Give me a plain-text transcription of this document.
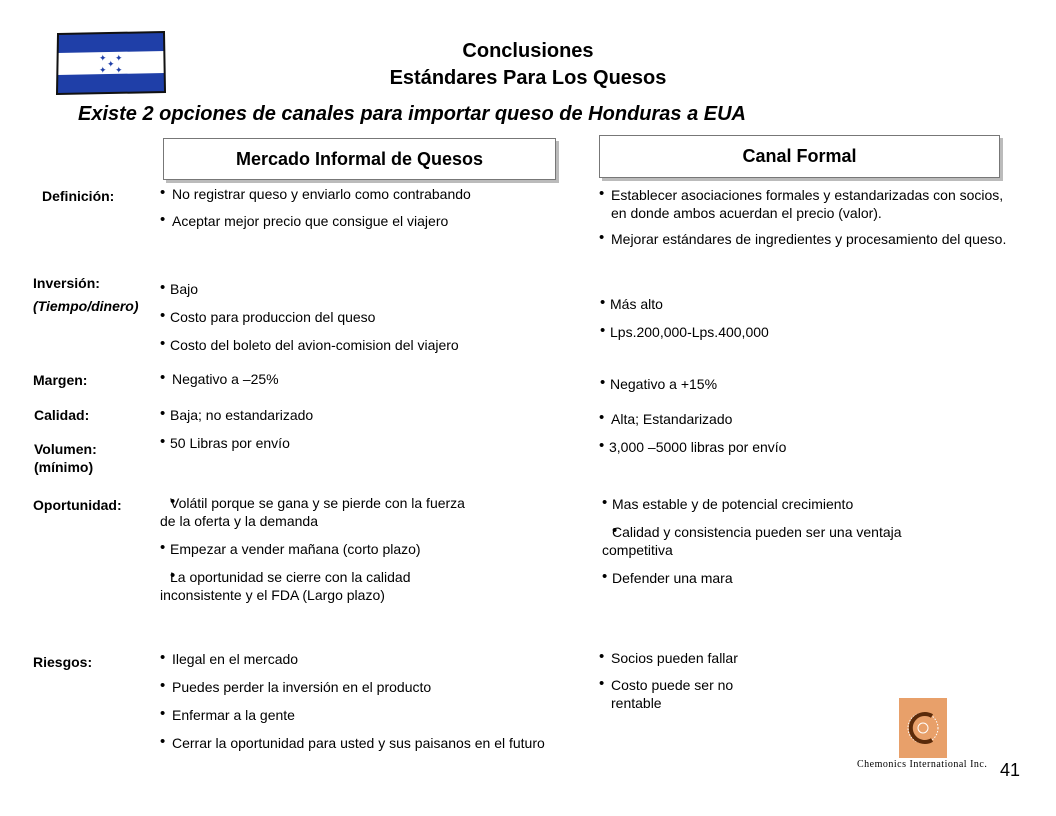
✦ ✦
✦
✦ ✦
Conclusiones
Estándares Para Los Quesos
Existe 2 opciones de canales para importar queso de Honduras a EUA
Mercado Informal de Quesos	Canal Formal
Definición:
Inversión:
(Tiempo/dinero)
Margen:
Calidad:
Volumen:
(mínimo)
Oportunidad:
Riesgos:
• No registrar queso y enviarlo como contrabando
• Aceptar mejor precio que consigue el viajero
• Bajo
• Costo para produccion del queso
• Costo del boleto del avion-comision del viajero
• Negativo a –25%
• Baja; no estandarizado
• 50 Libras por envío
• Volátil porque se gana y se pierde con la fuerza de la oferta y la demanda
• Empezar a vender mañana (corto plazo)
• La oportunidad se cierre con la calidad inconsistente y el FDA (Largo plazo)
• Ilegal en el mercado
• Puedes perder la inversión en el producto
• Enfermar a la gente
• Cerrar la oportunidad para usted y sus paisanos en el futuro
• Establecer asociaciones formales y estandarizadas con socios, en donde ambos acuerdan el precio (valor).
• Mejorar estándares de ingredientes y procesamiento del queso.
• Más alto
• Lps.200,000-Lps.400,000
• Negativo a +15%
• Alta; Estandarizado
• 3,000 –5000 libras por envío
• Mas estable y de potencial crecimiento
• Calidad y consistencia pueden ser una ventaja competitiva
• Defender una mara
• Socios pueden fallar
• Costo puede ser no rentable
Chemonics International Inc. 41
